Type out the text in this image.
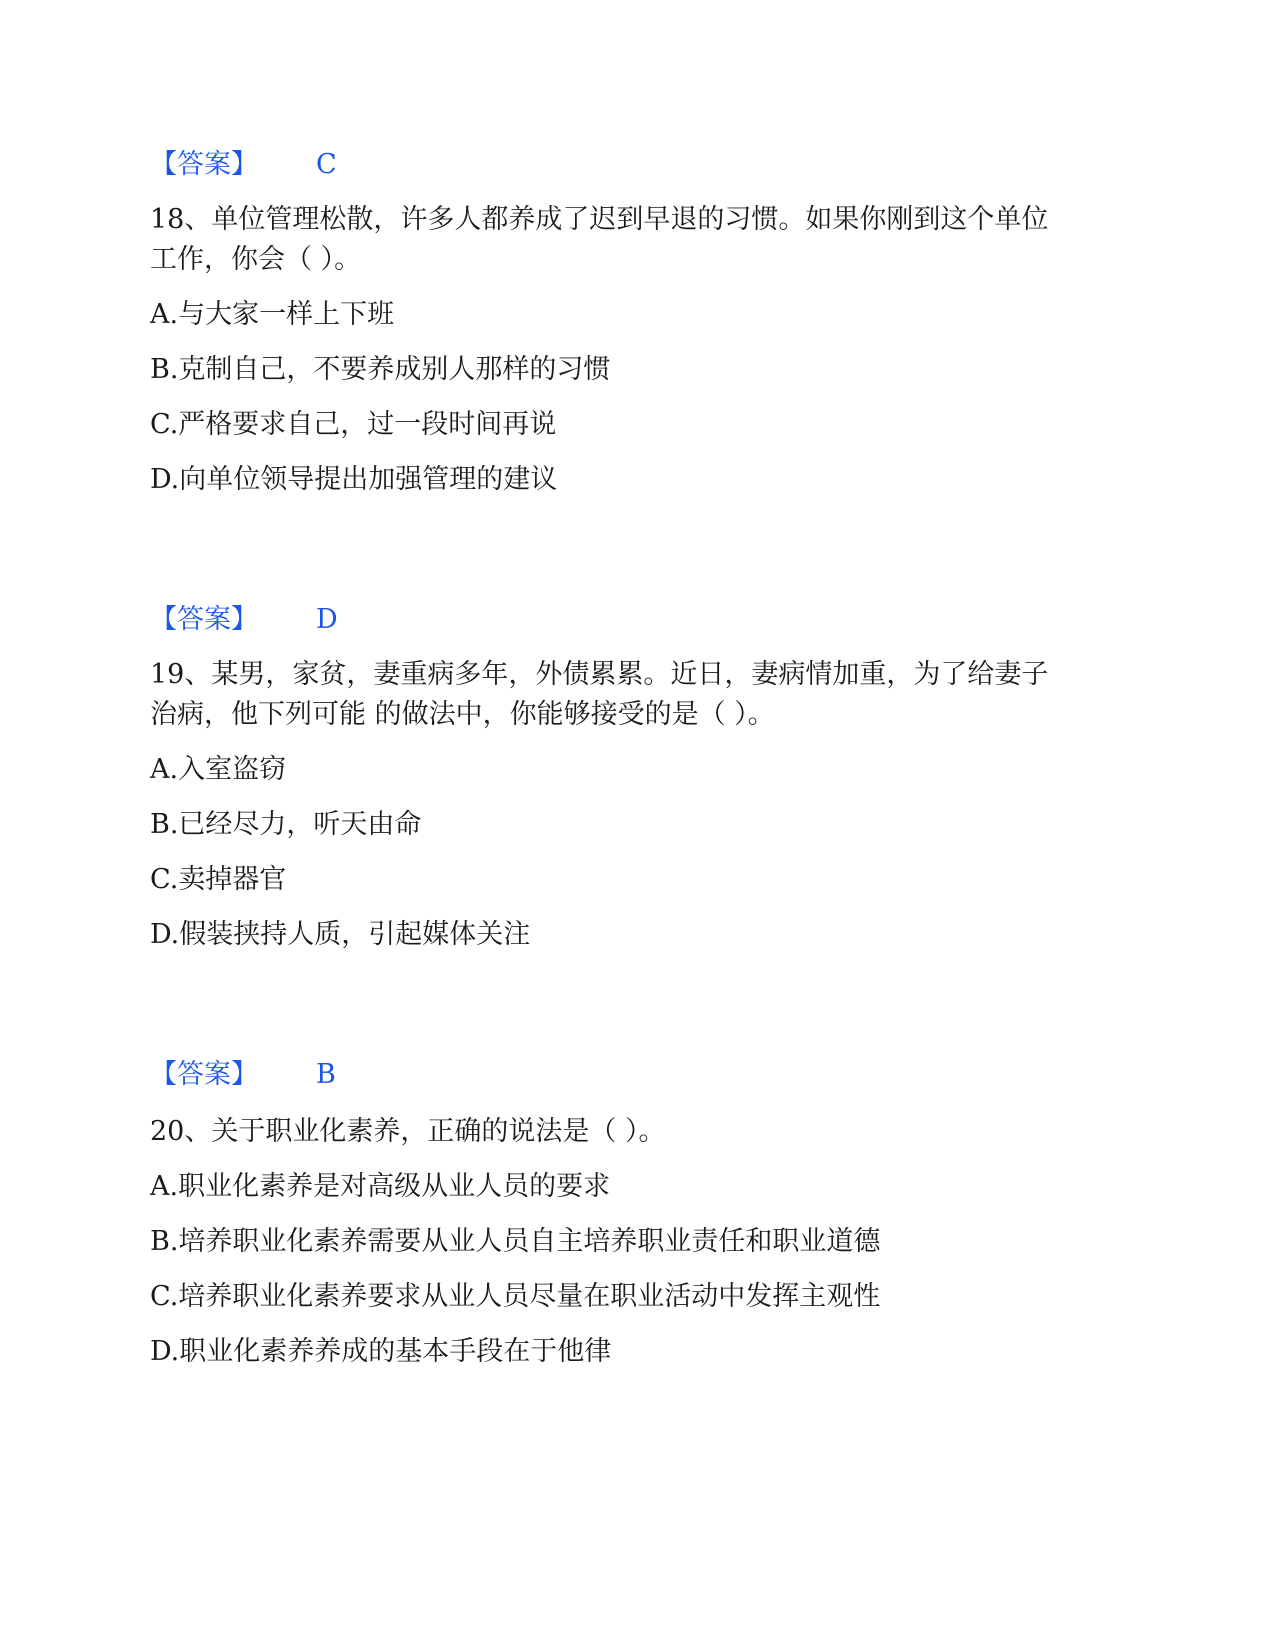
【答案】 C

18、单位管理松散，许多人都养成了迟到早退的习惯。如果你刚到这个单位

工作，你会（ ）。

A.与大家一样上下班

B.克制自己，不要养成别人那样的习惯

C.严格要求自己，过一段时间再说

D.向单位领导提出加强管理的建议

【答案】 D

19、某男，家贫，妻重病多年，外债累累。近日，妻病情加重，为了给妻子

治病，他下列可能 的做法中，你能够接受的是（ ）。

A.入室盗窃

B.已经尽力，听天由命

C.卖掉器官

D.假装挟持人质，引起媒体关注

【答案】 B

20、关于职业化素养，正确的说法是（ ）。

A.职业化素养是对高级从业人员的要求

B.培养职业化素养需要从业人员自主培养职业责任和职业道德

C.培养职业化素养要求从业人员尽量在职业活动中发挥主观性

D.职业化素养养成的基本手段在于他律
